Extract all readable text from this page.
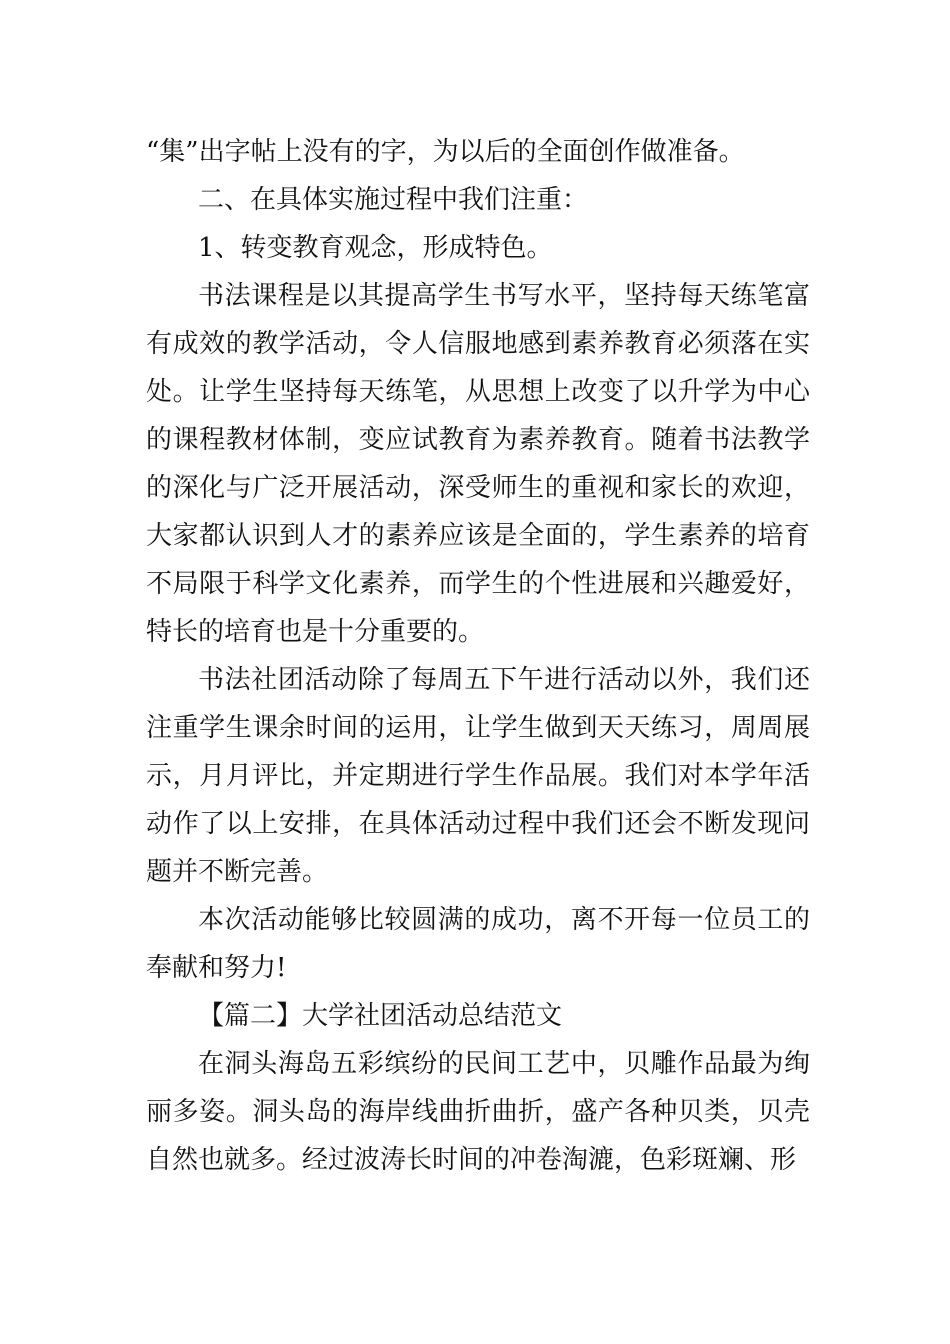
“集”出字帖上没有的字，为以后的全面创作做准备。

二、在具体实施过程中我们注重：

1、转变教育观念，形成特色。

书法课程是以其提高学生书写水平，坚持每天练笔富有成效的教学活动，令人信服地感到素养教育必须落在实处。让学生坚持每天练笔，从思想上改变了以升学为中心的课程教材体制，变应试教育为素养教育。随着书法教学的深化与广泛开展活动，深受师生的重视和家长的欢迎，大家都认识到人才的素养应该是全面的，学生素养的培育不局限于科学文化素养，而学生的个性进展和兴趣爱好，特长的培育也是十分重要的。

书法社团活动除了每周五下午进行活动以外，我们还注重学生课余时间的运用，让学生做到天天练习，周周展示，月月评比，并定期进行学生作品展。我们对本学年活动作了以上安排，在具体活动过程中我们还会不断发现问题并不断完善。

本次活动能够比较圆满的成功，离不开每一位员工的奉献和努力!

【篇二】大学社团活动总结范文

在洞头海岛五彩缤纷的民间工艺中，贝雕作品最为绚丽多姿。洞头岛的海岸线曲折曲折，盛产各种贝类，贝壳自然也就多。经过波涛长时间的冲卷淘漉，色彩斑斓、形
